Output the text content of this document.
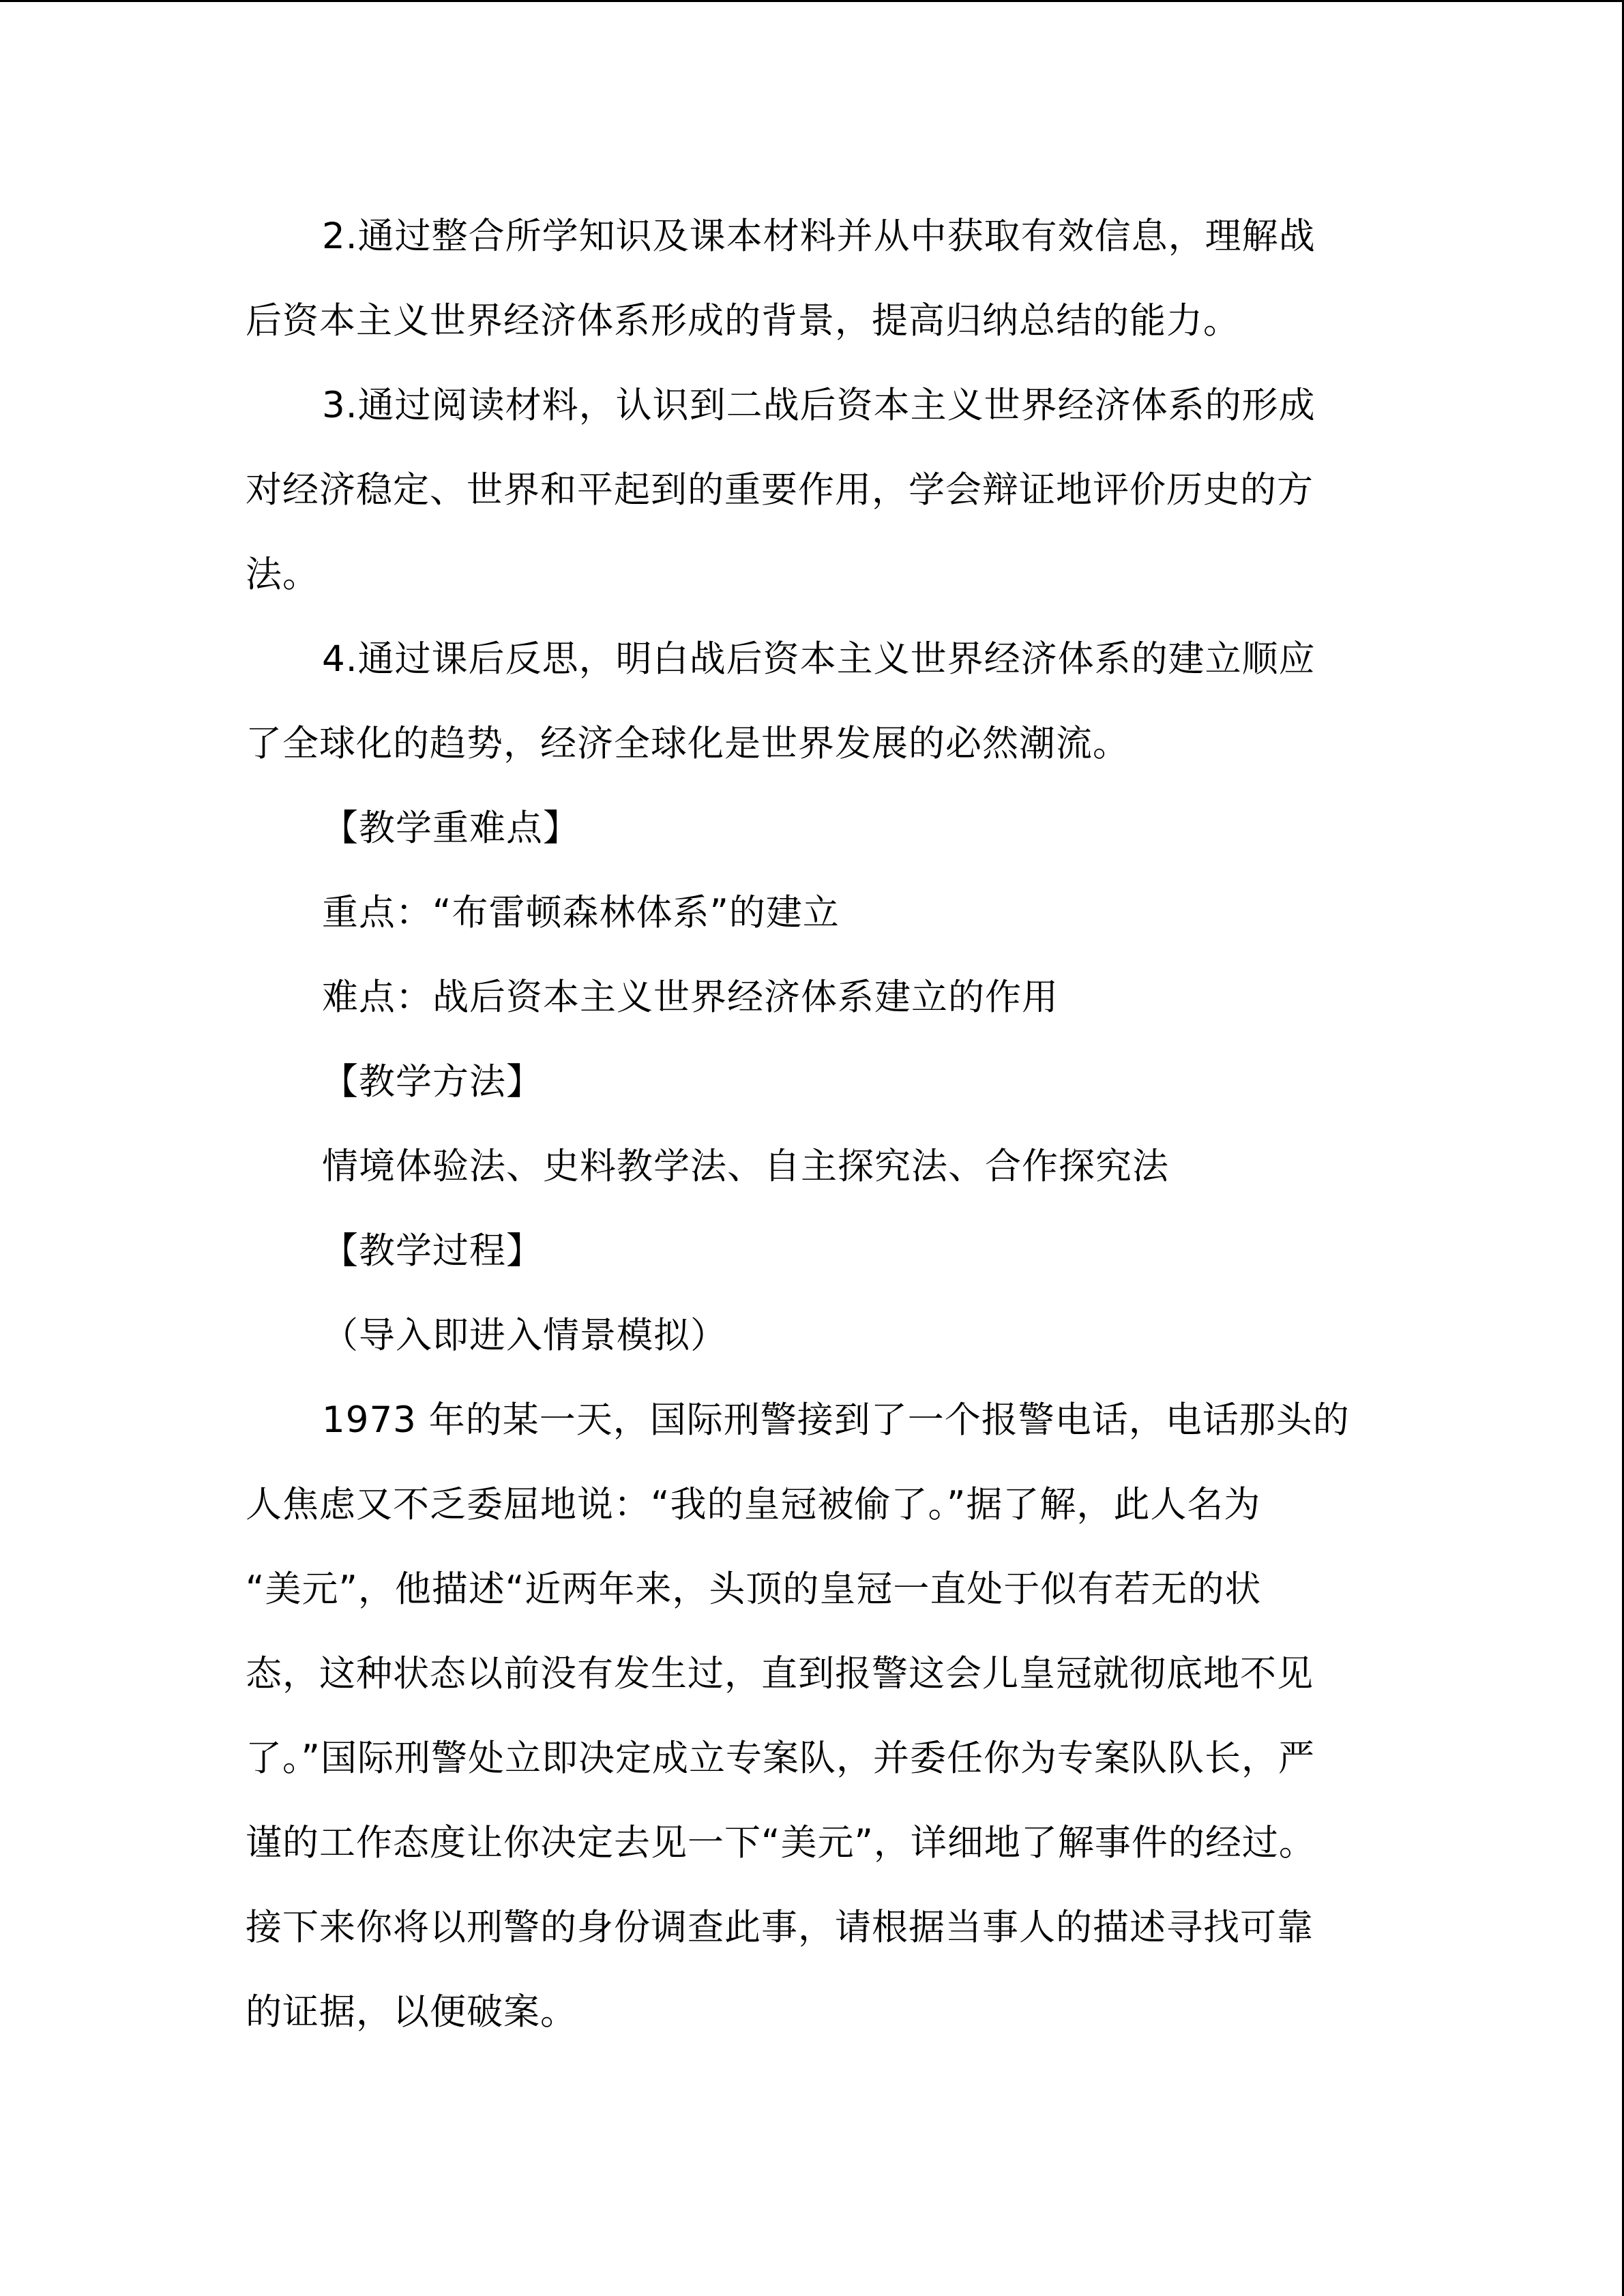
2.通过整合所学知识及课本材料并从中获取有效信息，理解战
后资本主义世界经济体系形成的背景，提高归纳总结的能力。
3.通过阅读材料，认识到二战后资本主义世界经济体系的形成
对经济稳定、世界和平起到的重要作用，学会辩证地评价历史的方
法。
4.通过课后反思，明白战后资本主义世界经济体系的建立顺应
了全球化的趋势，经济全球化是世界发展的必然潮流。
【教学重难点】
重点：“布雷顿森林体系”的建立
难点：战后资本主义世界经济体系建立的作用
【教学方法】
情境体验法、史料教学法、自主探究法、合作探究法
【教学过程】
（导入即进入情景模拟）
1973 年的某一天，国际刑警接到了一个报警电话，电话那头的
人焦虑又不乏委屈地说：“我的皇冠被偷了。”据了解，此人名为
“美元”，他描述“近两年来，头顶的皇冠一直处于似有若无的状
态，这种状态以前没有发生过，直到报警这会儿皇冠就彻底地不见
了。”国际刑警处立即决定成立专案队，并委任你为专案队队长，严
谨的工作态度让你决定去见一下“美元”，详细地了解事件的经过。
接下来你将以刑警的身份调查此事，请根据当事人的描述寻找可靠
的证据，以便破案。
